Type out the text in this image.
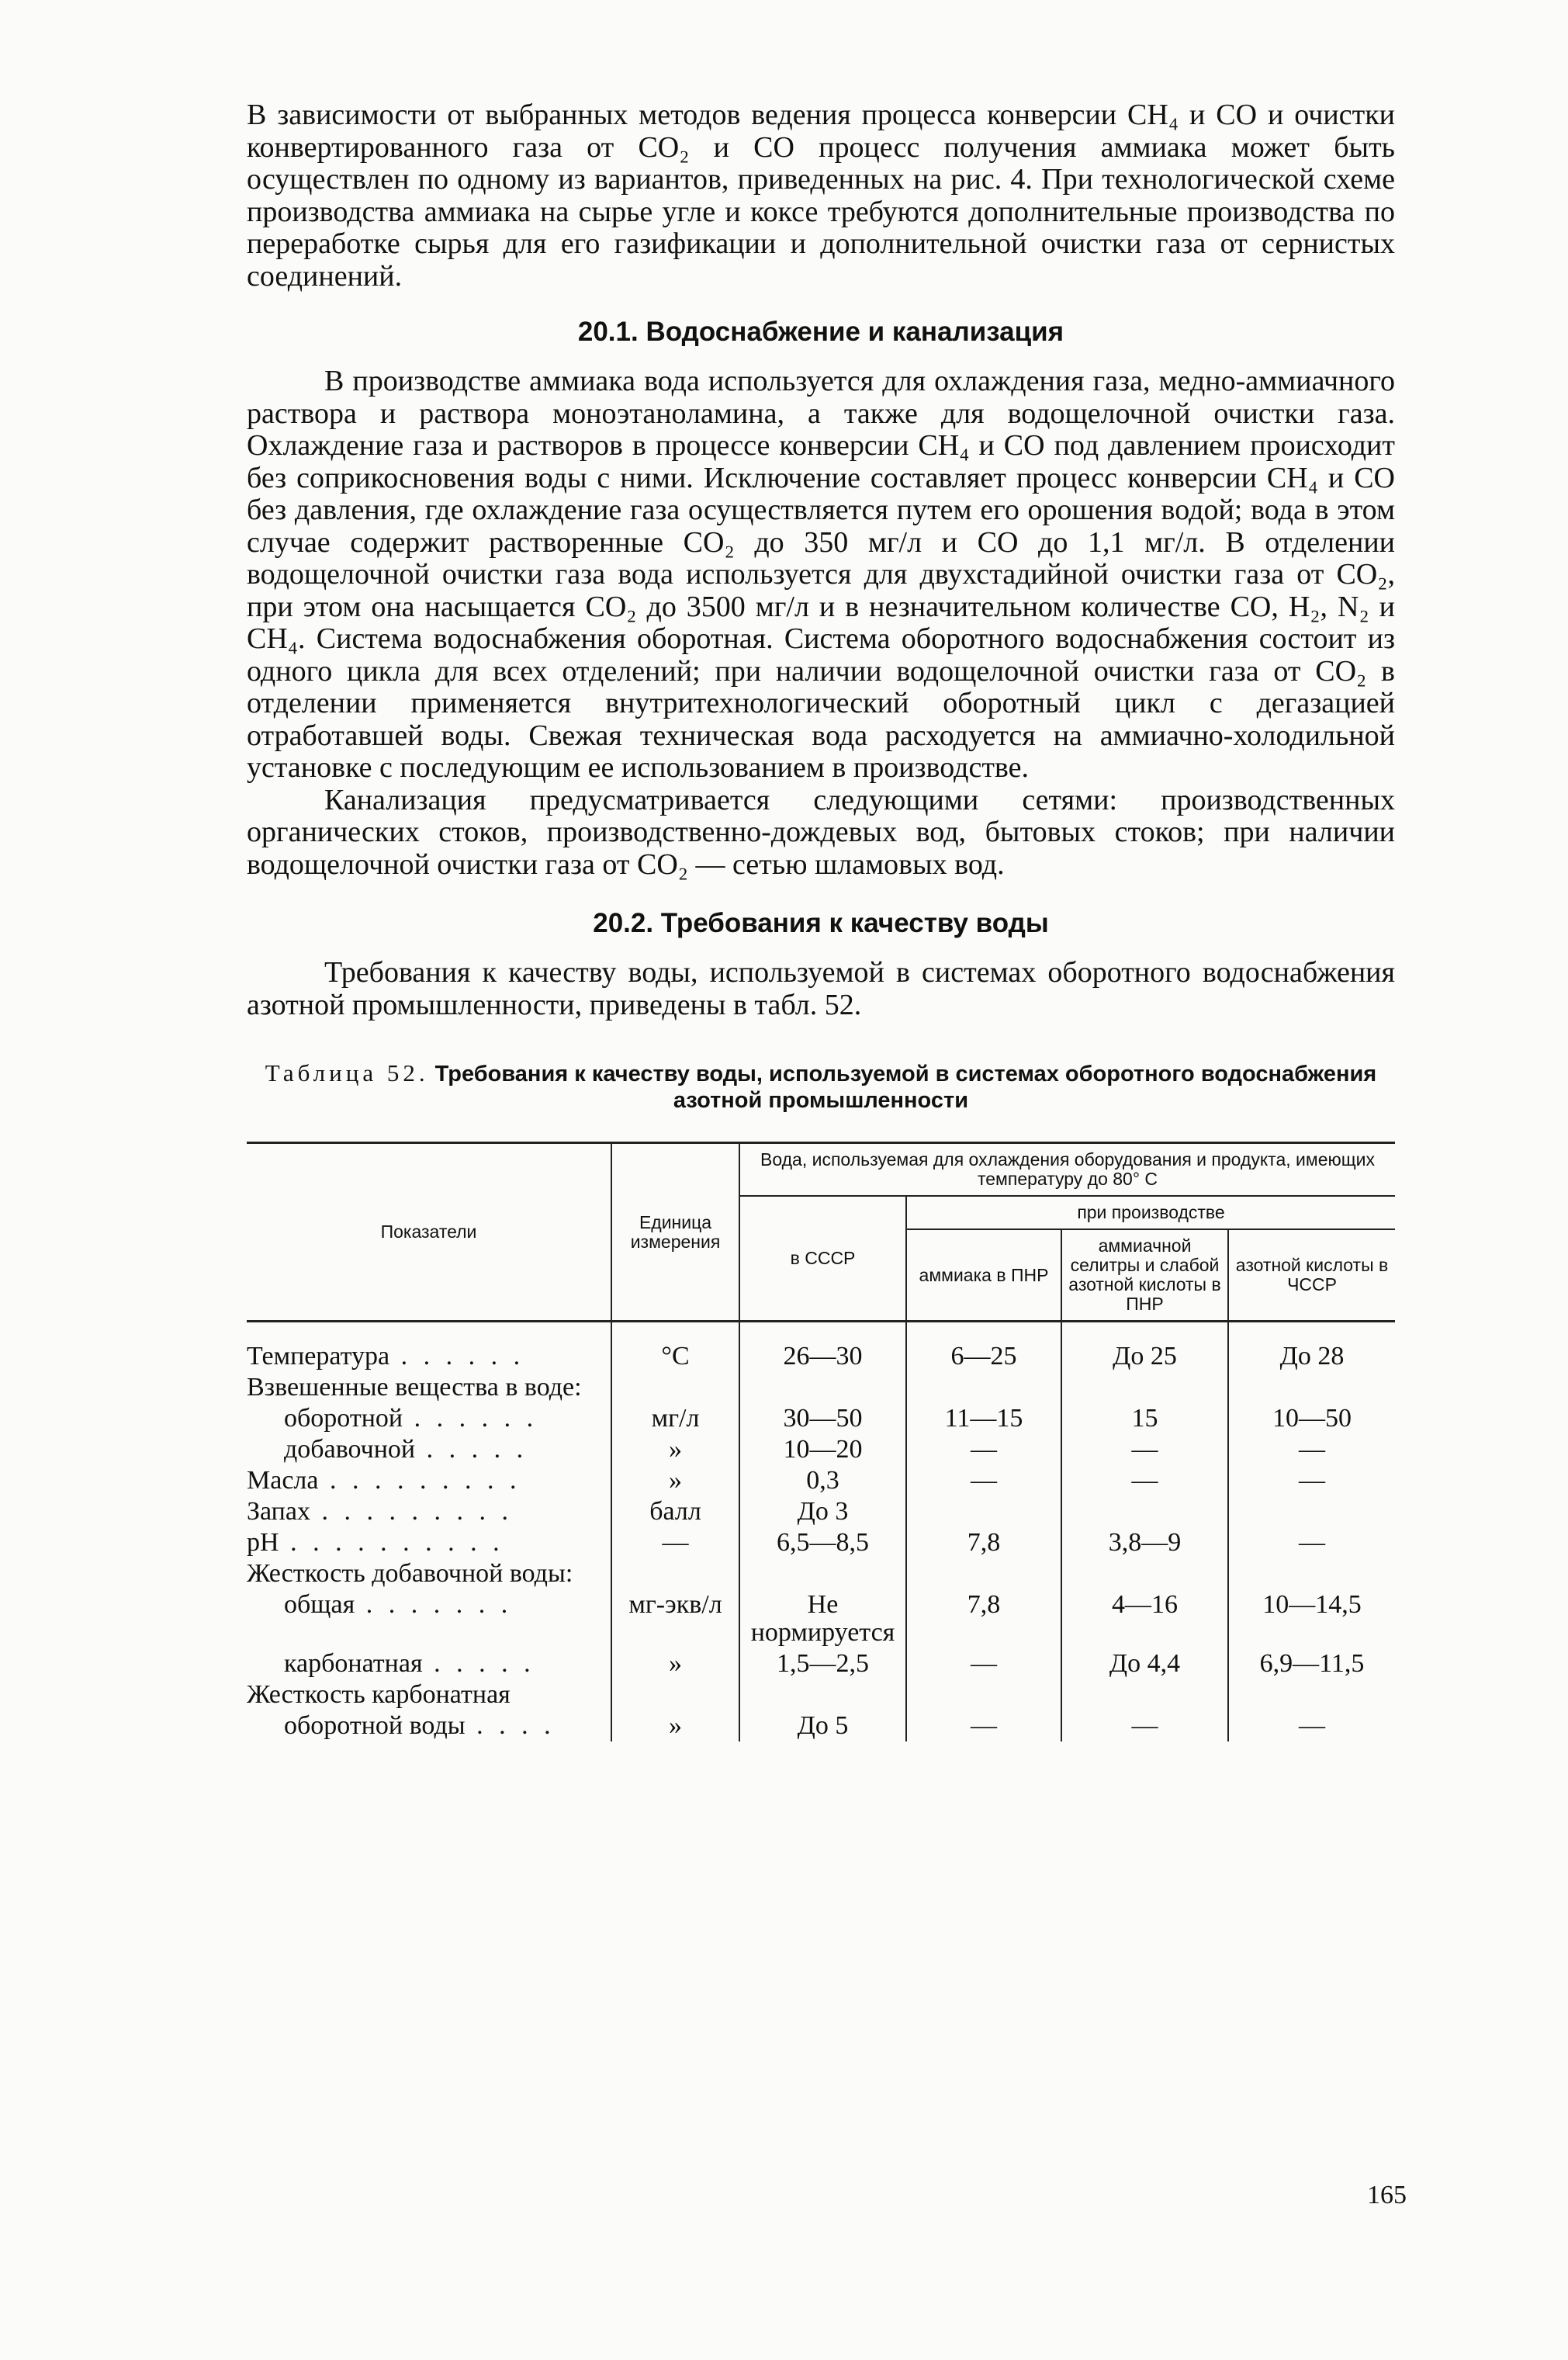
В зависимости от выбранных методов ведения процесса конверсии СН₄ и СО и очистки конвертированного газа от СО₂ и СО процесс получения аммиака может быть осуществлен по одному из вариантов, приведенных на рис. 4. При технологической схеме производства аммиака на сырье угле и коксе требуются дополнительные производства по переработке сырья для его газификации и дополнительной очистки газа от сернистых соединений.

20.1. Водоснабжение и канализация

В производстве аммиака вода используется для охлаждения газа, медно-аммиачного раствора и раствора моноэтаноламина, а также для водощелочной очистки газа. Охлаждение газа и растворов в процессе конверсии СН₄ и СО под давлением происходит без соприкосновения воды с ними. Исключение составляет процесс конверсии СН₄ и СО без давления, где охлаждение газа осуществляется путем его орошения водой; вода в этом случае содержит растворенные СО₂ до 350 мг/л и СО до 1,1 мг/л. В отделении водощелочной очистки газа вода используется для двухстадийной очистки газа от СО₂, при этом она насыщается СО₂ до 3500 мг/л и в незначительном количестве СО, Н₂, N₂ и СН₄. Система водоснабжения оборотная. Система оборотного водоснабжения состоит из одного цикла для всех отделений; при наличии водощелочной очистки газа от СО₂ в отделении применяется внутритехнологический оборотный цикл с дегазацией отработавшей воды. Свежая техническая вода расходуется на аммиачно-холодильной установке с последующим ее использованием в производстве.

Канализация предусматривается следующими сетями: производственных органических стоков, производственно-дождевых вод, бытовых стоков; при наличии водощелочной очистки газа от СО₂ — сетью шламовых вод.

20.2. Требования к качеству воды

Требования к качеству воды, используемой в системах оборотного водоснабжения азотной промышленности, приведены в табл. 52.

Таблица 52. Требования к качеству воды, используемой в системах оборотного водоснабжения азотной промышленности
Показатели	Единица измерения	Вода, используемая для охлаждения оборудования и продукта, имеющих температуру до 80° С			
		в СССР	при производстве		
			аммиака в ПНР	аммиачной селитры и слабой азотной кислоты в ПНР	азотной кислоты в ЧССР
Температура . . . . . .	°С	26—30	6—25	До 25	До 28
Взвешенные вещества в воде:					
оборотной . . . . . .	мг/л	30—50	11—15	15	10—50
добавочной . . . . .	»	10—20	—	—	—
Масла . . . . . . . . .	»	0,3	—	—	—
Запах . . . . . . . . .	балл	До 3			
рН . . . . . . . . . .	—	6,5—8,5	7,8	3,8—9	—
Жесткость добавочной воды:					
общая . . . . . . .	мг-экв/л	Не нормируется	7,8	4—16	10—14,5
карбонатная . . . . .	»	1,5—2,5	—	До 4,4	6,9—11,5
Жесткость карбонатная					
оборотной воды . . . .	»	До 5	—	—	—
165
